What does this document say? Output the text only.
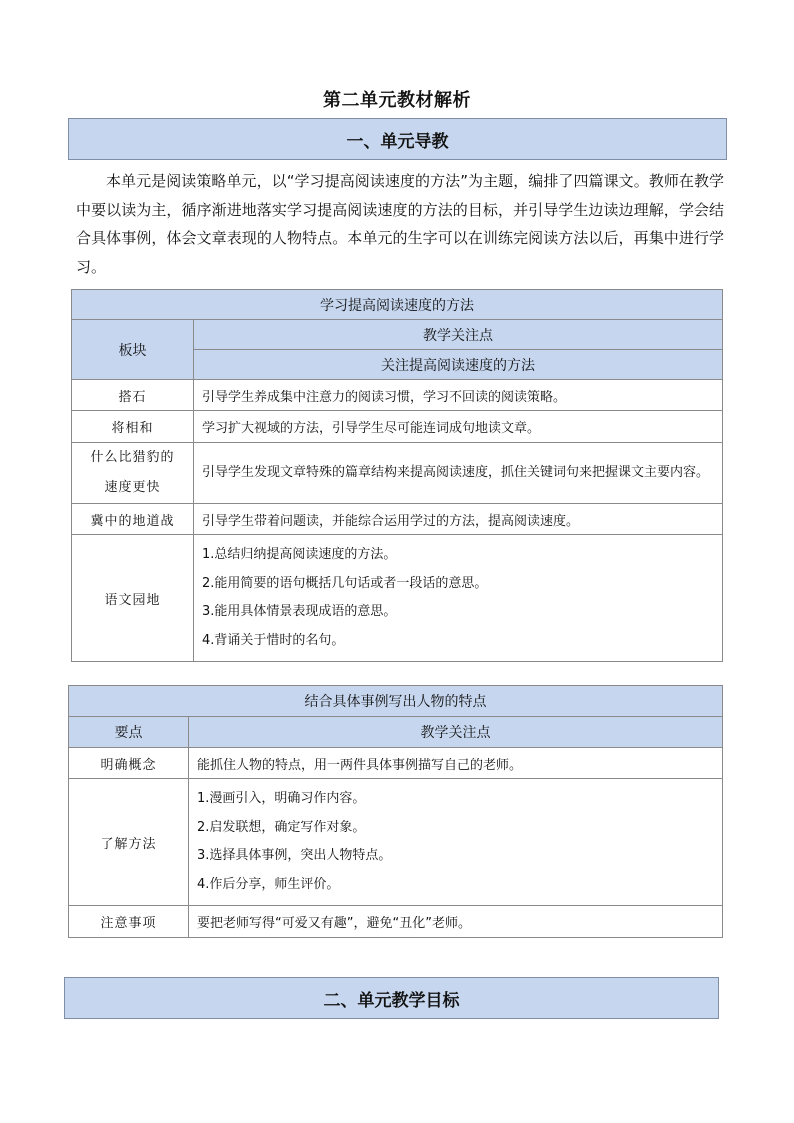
第二单元教材解析
一、单元导教
本单元是阅读策略单元，以“学习提高阅读速度的方法”为主题，编排了四篇课文。教师在教学中要以读为主，循序渐进地落实学习提高阅读速度的方法的目标，并引导学生边读边理解，学会结合具体事例，体会文章表现的人物特点。本单元的生字可以在训练完阅读方法以后，再集中进行学习。
学习提高阅读速度的方法	
板块	教学关注点
	关注提高阅读速度的方法
搭石	引导学生养成集中注意力的阅读习惯，学习不回读的阅读策略。
将相和	学习扩大视域的方法，引导学生尽可能连词成句地读文章。

什么比猎豹的
速度更快	引导学生发现文章特殊的篇章结构来提高阅读速度，抓住关键词句来把握课文主要内容。
冀中的地道战	引导学生带着问题读，并能综合运用学过的方法，提高阅读速度。
语文园地	1.总结归纳提高阅读速度的方法。
2.能用简要的语句概括几句话或者一段话的意思。
3.能用具体情景表现成语的意思。
4.背诵关于惜时的名句。
结合具体事例写出人物的特点	
要点	教学关注点
明确概念	能抓住人物的特点，用一两件具体事例描写自己的老师。
了解方法	1.漫画引入，明确习作内容。
2.启发联想，确定写作对象。
3.选择具体事例，突出人物特点。
4.作后分享，师生评价。

注意事项	要把老师写得“可爱又有趣”，避免“丑化”老师。
二、单元教学目标
